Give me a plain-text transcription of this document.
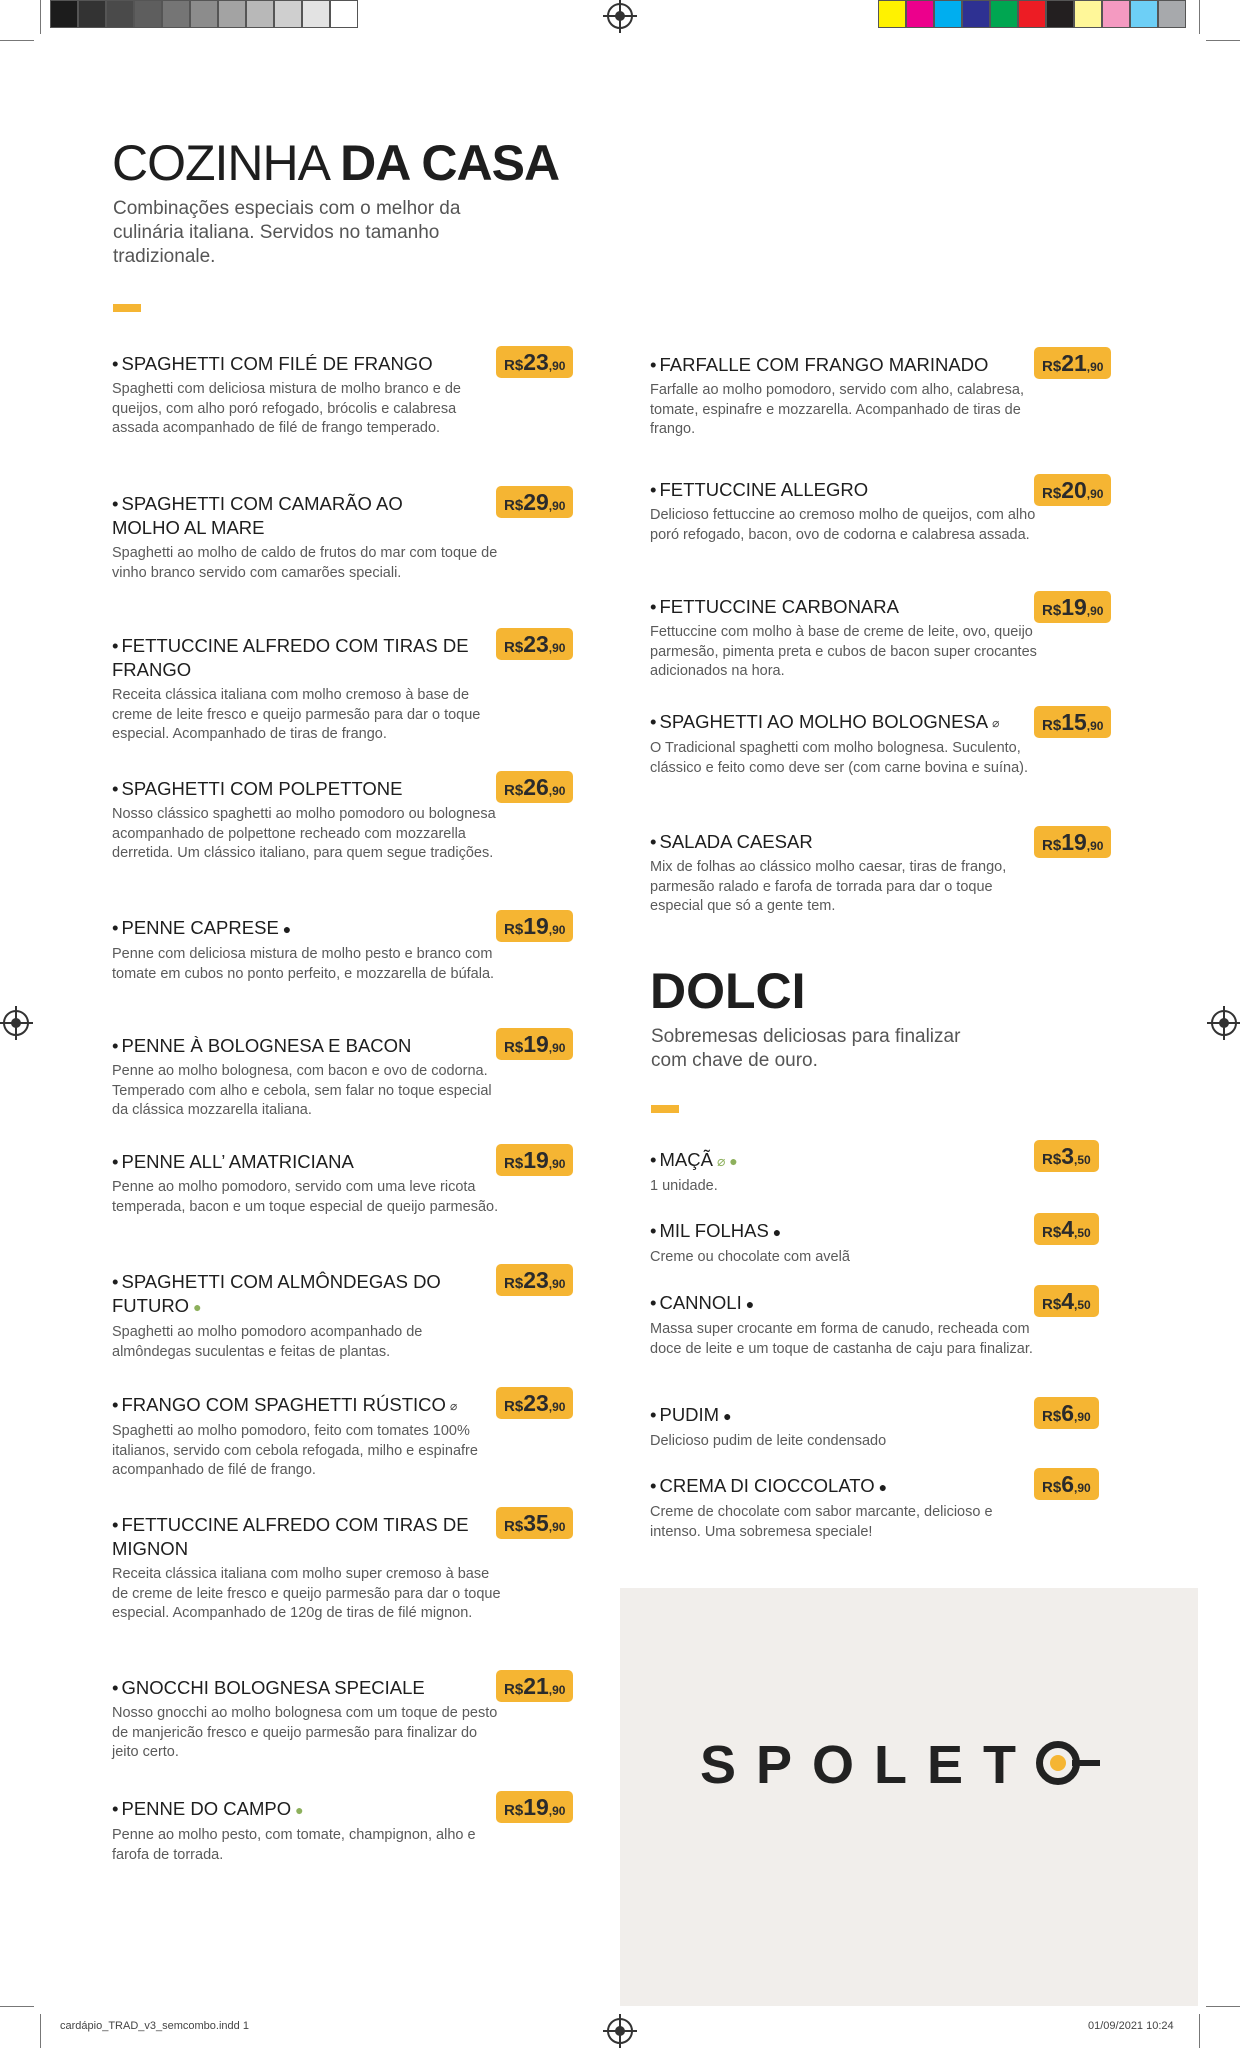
cardápio_TRAD_v3_semcombo.indd 1	01/09/2021 10:24
COZINHA DA CASA

Combinações especiais com o melhor da culinária italiana. Servidos no tamanho tradizionale.

• SPAGHETTI COM FILÉ DE FRANGO
Spaghetti com deliciosa mistura de molho branco e de queijos, com alho poró refogado, brócolis e calabresa assada acompanhado de filé de frango temperado.
R$ 23 ,90
• SPAGHETTI COM CAMARÃO AO MOLHO AL MARE
Spaghetti ao molho de caldo de frutos do mar com toque de vinho branco servido com camarões speciali.
R$ 29 ,90
• FETTUCCINE ALFREDO COM TIRAS DE FRANGO
Receita clássica italiana com molho cremoso à base de creme de leite fresco e queijo parmesão para dar o toque especial. Acompanhado de tiras de frango.
R$ 23 ,90
• SPAGHETTI COM POLPETTONE
Nosso clássico spaghetti ao molho pomodoro ou bolognesa acompanhado de polpettone recheado com mozzarella derretida. Um clássico italiano, para quem segue tradições.
R$ 26 ,90
• PENNE CAPRESE ●
Penne com deliciosa mistura de molho pesto e branco com tomate em cubos no ponto perfeito, e mozzarella de búfala.
R$ 19 ,90
• PENNE À BOLOGNESA E BACON
Penne ao molho bolognesa, com bacon e ovo de codorna. Temperado com alho e cebola, sem falar no toque especial da clássica mozzarella italiana.
R$ 19 ,90
• PENNE ALL’ AMATRICIANA
Penne ao molho pomodoro, servido com uma leve ricota temperada, bacon e um toque especial de queijo parmesão.
R$ 19 ,90
• SPAGHETTI COM ALMÔNDEGAS DO FUTURO ●
Spaghetti ao molho pomodoro acompanhado de almôndegas suculentas e feitas de plantas.
R$ 23 ,90
• FRANGO COM SPAGHETTI RÚSTICO ⌀
Spaghetti ao molho pomodoro, feito com tomates 100% italianos, servido com cebola refogada, milho e espinafre acompanhado de filé de frango.
R$ 23 ,90
• FETTUCCINE ALFREDO COM TIRAS DE MIGNON
Receita clássica italiana com molho super cremoso à base de creme de leite fresco e queijo parmesão para dar o toque especial. Acompanhado de 120g de tiras de filé mignon.
R$ 35 ,90
• GNOCCHI BOLOGNESA SPECIALE
Nosso gnocchi ao molho bolognesa com um toque de pesto de manjericão fresco e queijo parmesão para finalizar do jeito certo.
R$ 21 ,90
• PENNE DO CAMPO ●
Penne ao molho pesto, com tomate, champignon, alho e farofa de torrada.
R$ 19 ,90
• FARFALLE COM FRANGO MARINADO
Farfalle ao molho pomodoro, servido com alho, calabresa, tomate, espinafre e mozzarella. Acompanhado de tiras de frango.
R$ 21 ,90
• FETTUCCINE ALLEGRO
Delicioso fettuccine ao cremoso molho de queijos, com alho poró refogado, bacon, ovo de codorna e calabresa assada.
R$ 20 ,90
• FETTUCCINE CARBONARA
Fettuccine com molho à base de creme de leite, ovo, queijo parmesão, pimenta preta e cubos de bacon super crocantes adicionados na hora.
R$ 19 ,90
• SPAGHETTI AO MOLHO BOLOGNESA ⌀
O Tradicional spaghetti com molho bolognesa. Suculento, clássico e feito como deve ser (com carne bovina e suína).
R$ 15 ,90
• SALADA CAESAR
Mix de folhas ao clássico molho caesar, tiras de frango, parmesão ralado e farofa de torrada para dar o toque especial que só a gente tem.
R$ 19 ,90
DOLCI

Sobremesas deliciosas para finalizar com chave de ouro.

• MAÇÃ ⌀ ●
1 unidade.
R$ 3 ,50
• MIL FOLHAS ●
Creme ou chocolate com avelã
R$ 4 ,50
• CANNOLI ●
Massa super crocante em forma de canudo, recheada com doce de leite e um toque de castanha de caju para finalizar.
R$ 4 ,50
• PUDIM ●
Delicioso pudim de leite condensado
R$ 6 ,90
• CREMA DI CIOCCOLATO ●
Creme de chocolate com sabor marcante, delicioso e intenso. Uma sobremesa speciale!
R$ 6 ,90
SPOLET
